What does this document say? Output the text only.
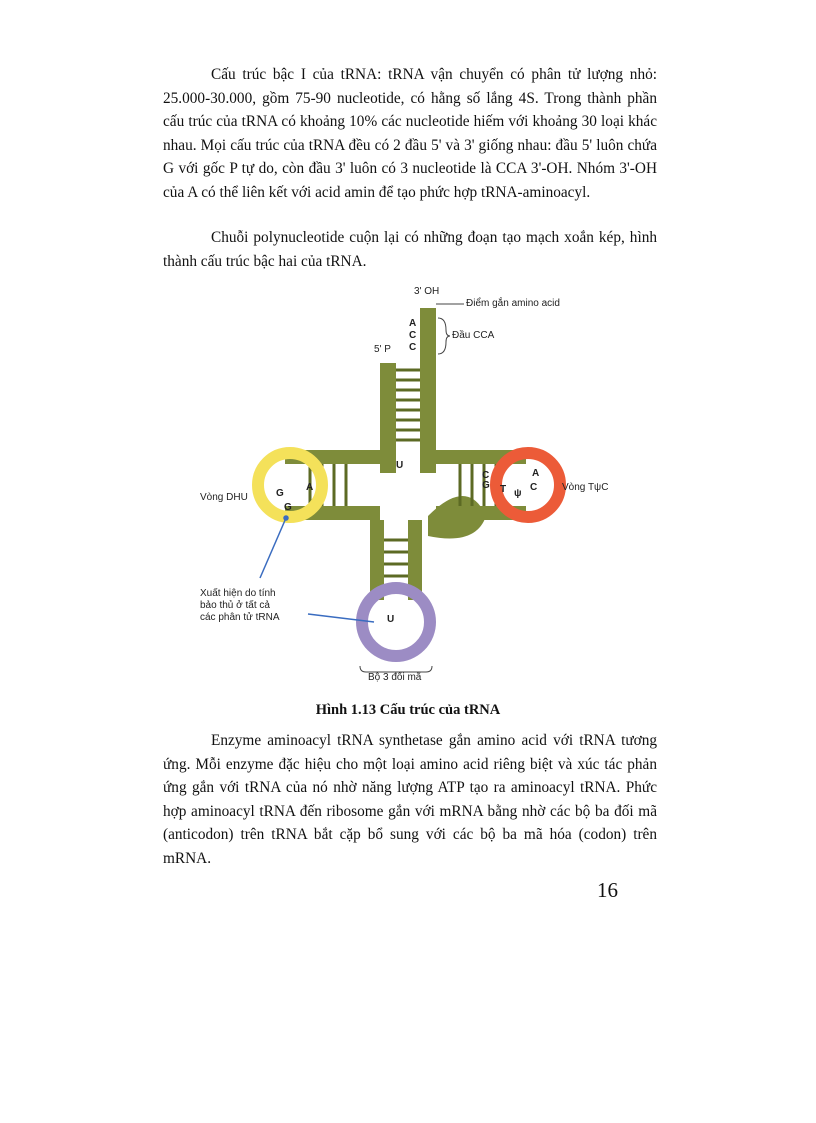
Cấu trúc bậc I của tRNA: tRNA vận chuyển có phân tử lượng nhỏ: 25.000-30.000, gồm 75-90 nucleotide, có hằng số lắng 4S. Trong thành phần cấu trúc của tRNA có khoảng 10% các nucleotide hiếm với khoảng 30 loại khác nhau. Mọi cấu trúc của tRNA đều có 2 đầu 5' và 3' giống nhau: đầu 5' luôn chứa G với gốc P tự do, còn đầu 3' luôn có 3 nucleotide là CCA 3'-OH. Nhóm 3'-OH của A có thể liên kết với acid amin để tạo phức hợp tRNA-aminoacyl.

Chuỗi polynucleotide cuộn lại có những đoạn tạo mạch xoắn kép, hình thành cấu trúc bậc hai của tRNA.

A
C
C
U
A
G
G
C
G T ψ
C
A
U
3' OH
5' P
Điểm gắn amino acid
Đầu CCA
Vòng DHU
Vòng TψC
Xuất hiện do tính
bảo thủ ở tất cả
các phân tử tRNA
Bộ 3 đối mã

Hình 1.13 Cấu trúc của tRNA

Enzyme aminoacyl tRNA synthetase gắn amino acid với tRNA tương ứng. Mỗi enzyme đặc hiệu cho một loại amino acid riêng biệt và xúc tác phản ứng gắn với tRNA của nó nhờ năng lượng ATP tạo ra aminoacyl tRNA. Phức hợp aminoacyl tRNA đến ribosome gắn với mRNA bằng nhờ các bộ ba đối mã (anticodon) trên tRNA bắt cặp bổ sung với các bộ ba mã hóa (codon) trên mRNA.

16
